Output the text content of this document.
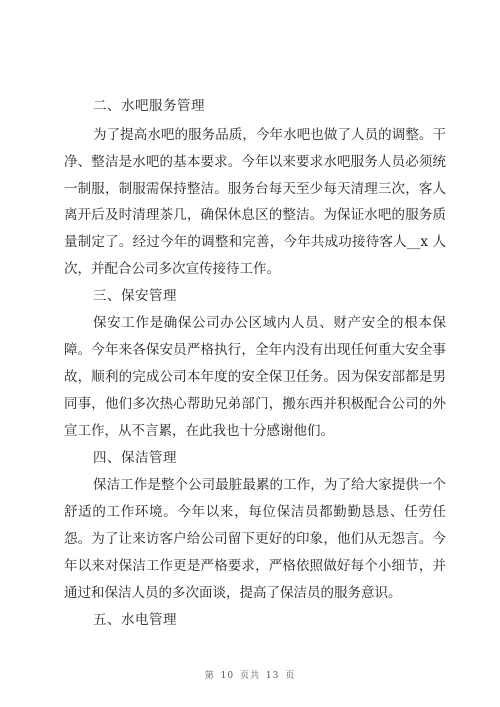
二、水吧服务管理
为了提高水吧的服务品质，今年水吧也做了人员的调整。干
净、整洁是水吧的基本要求。今年以来要求水吧服务人员必须统
一制服，制服需保持整洁。服务台每天至少每天清理三次，客人
离开后及时清理茶几，确保休息区的整洁。为保证水吧的服务质
量制定了。经过今年的调整和完善，今年共成功接待客人__x 人
次，并配合公司多次宣传接待工作。
三、保安管理
保安工作是确保公司办公区域内人员、财产安全的根本保
障。今年来各保安员严格执行，全年内没有出现任何重大安全事
故，顺利的完成公司本年度的安全保卫任务。因为保安部都是男
同事，他们多次热心帮助兄弟部门，搬东西并积极配合公司的外
宣工作，从不言累，在此我也十分感谢他们。
四、保洁管理
保洁工作是整个公司最脏最累的工作，为了给大家提供一个
舒适的工作环境。今年以来，每位保洁员都勤勤恳恳、任劳任
怨。为了让来访客户给公司留下更好的印象，他们从无怨言。今
年以来对保洁工作更是严格要求，严格依照做好每个小细节，并
通过和保洁人员的多次面谈，提高了保洁员的服务意识。
五、水电管理
第 10 页共 13 页
